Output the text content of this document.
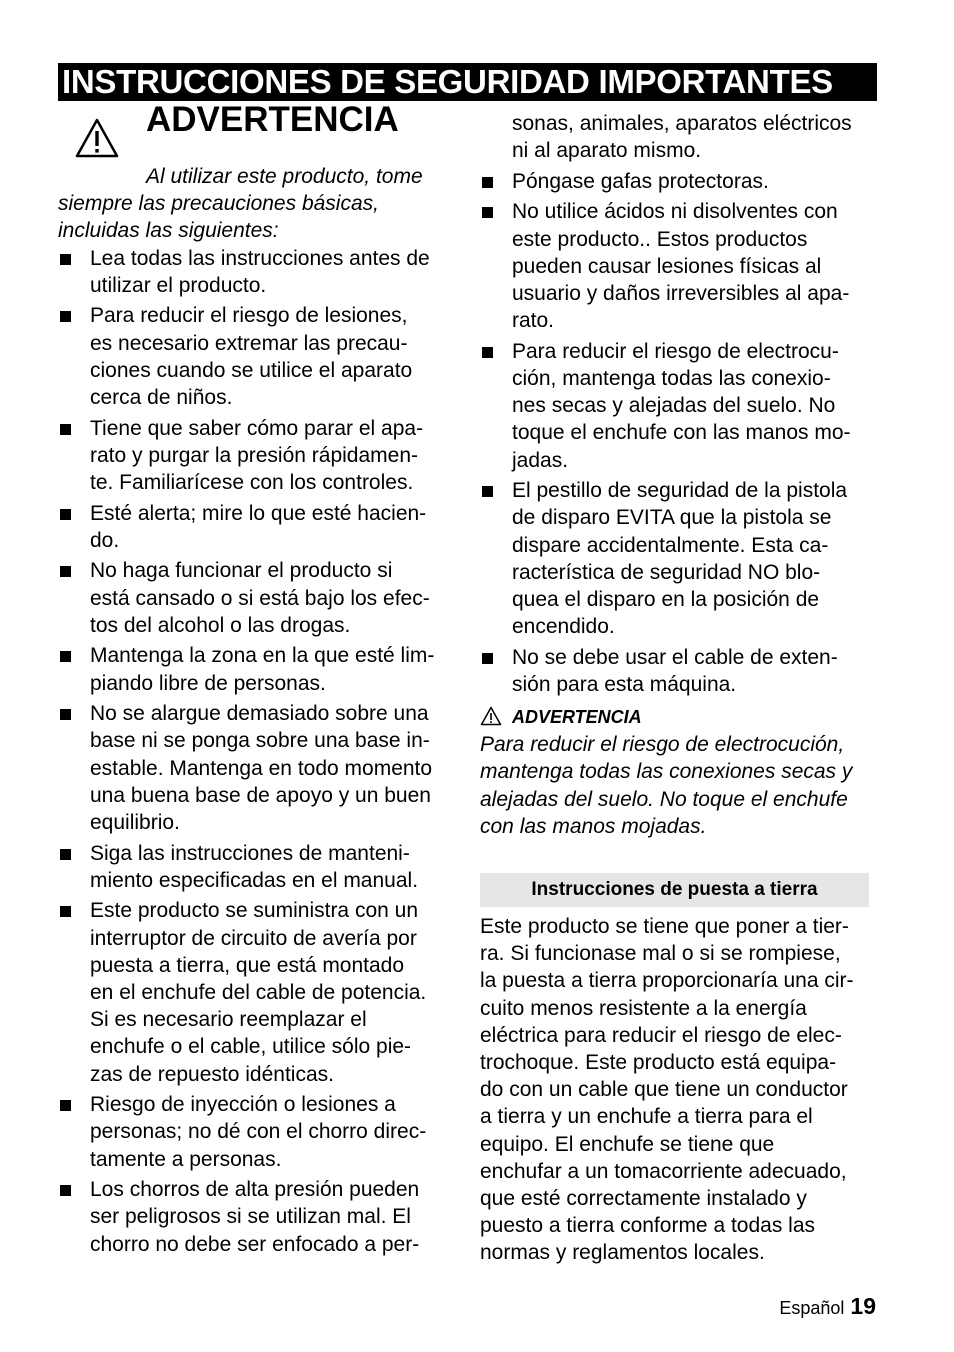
INSTRUCCIONES DE SEGURIDAD IMPORTANTES
ADVERTENCIA
Al utilizar este producto, tome
siempre las precauciones básicas,
incluidas las siguientes:
Lea todas las instrucciones antes de
utilizar el producto.
Para reducir el riesgo de lesiones,
es necesario extremar las precau-
ciones cuando se utilice el aparato
cerca de niños.
Tiene que saber cómo parar el apa-
rato y purgar la presión rápidamen-
te. Familiarícese con los controles.
Esté alerta; mire lo que esté hacien-
do.
No haga funcionar el producto si
está cansado o si está bajo los efec-
tos del alcohol o las drogas.
Mantenga la zona en la que esté lim-
piando libre de personas.
No se alargue demasiado sobre una
base ni se ponga sobre una base in-
estable. Mantenga en todo momento
una buena base de apoyo y un buen
equilibrio.
Siga las instrucciones de manteni-
miento especificadas en el manual.
Este producto se suministra con un
interruptor de circuito de avería por
puesta a tierra, que está montado
en el enchufe del cable de potencia.
Si es necesario reemplazar el
enchufe o el cable, utilice sólo pie-
zas de repuesto idénticas.
Riesgo de inyección o lesiones a
personas; no dé con el chorro direc-
tamente a personas.
Los chorros de alta presión pueden
ser peligrosos si se utilizan mal. El
chorro no debe ser enfocado a per-
sonas, animales, aparatos eléctricos
ni al aparato mismo.
Póngase gafas protectoras.
No utilice ácidos ni disolventes con
este producto.. Estos productos
pueden causar lesiones físicas al
usuario y daños irreversibles al apa-
rato.
Para reducir el riesgo de electrocu-
ción, mantenga todas las conexio-
nes secas y alejadas del suelo. No
toque el enchufe con las manos mo-
jadas.
El pestillo de seguridad de la pistola
de disparo EVITA que la pistola se
dispare accidentalmente. Esta ca-
racterística de seguridad NO blo-
quea el disparo en la posición de
encendido.
No se debe usar el cable de exten-
sión para esta máquina.
ADVERTENCIA
Para reducir el riesgo de electrocución,
mantenga todas las conexiones secas y
alejadas del suelo. No toque el enchufe
con las manos mojadas.
Instrucciones de puesta a tierra
Este producto se tiene que poner a tier-
ra. Si funcionase mal o si se rompiese,
la puesta a tierra proporcionaría una cir-
cuito menos resistente a la energía
eléctrica para reducir el riesgo de elec-
trochoque. Este producto está equipa-
do con un cable que tiene un conductor
a tierra y un enchufe a tierra para el
equipo. El enchufe se tiene que
enchufar a un tomacorriente adecuado,
que esté correctamente instalado y
puesto a tierra conforme a todas las
normas y reglamentos locales.
Español 19
